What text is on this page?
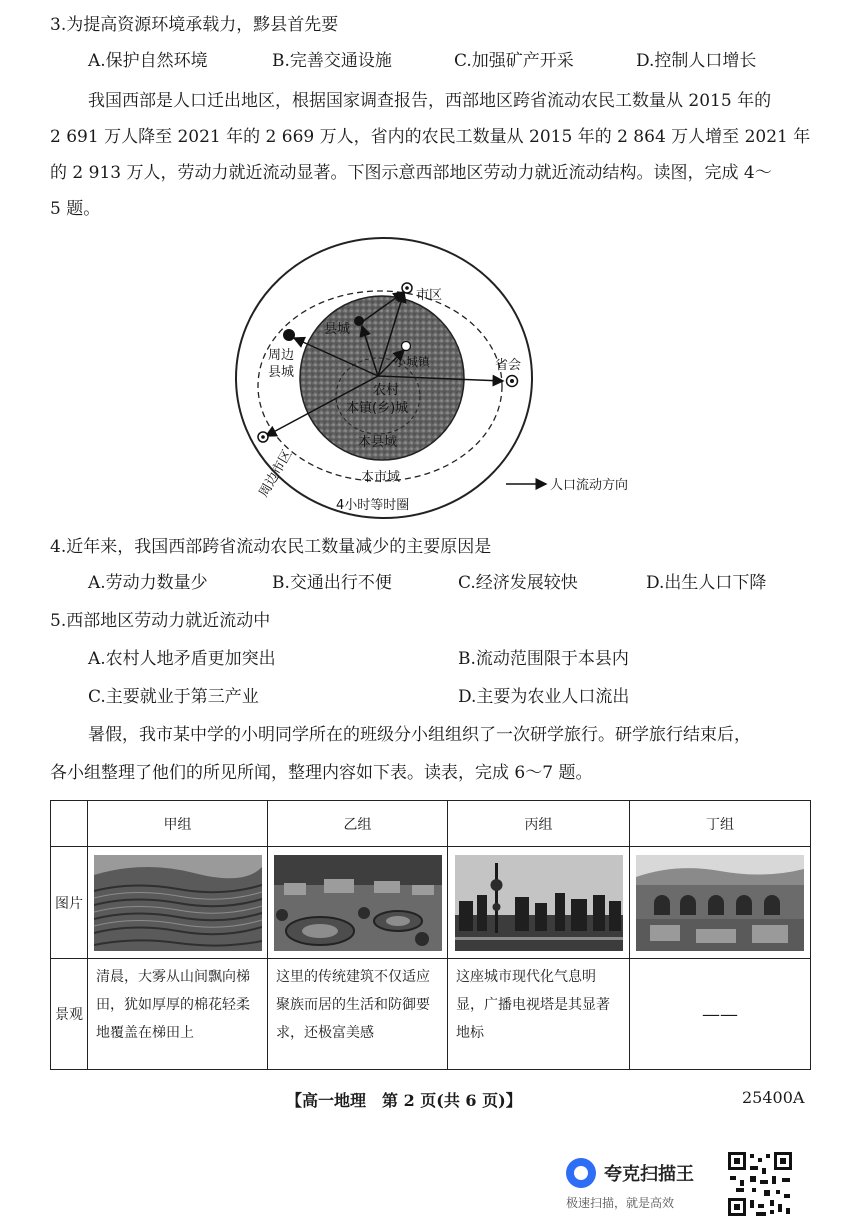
3.为提高资源环境承载力，黟县首先要
A.保护自然环境	B.完善交通设施	C.加强矿产开采	D.控制人口增长
我国西部是人口迁出地区，根据国家调查报告，西部地区跨省流动农民工数量从 2015 年的
2 691 万人降至 2021 年的 2 669 万人，省内的农民工数量从 2015 年的 2 864 万人增至 2021 年
的 2 913 万人，劳动力就近流动显著。下图示意西部地区劳动力就近流动结构。读图，完成 4～
5 题。
市区
县城
小城镇	省会
农村
本镇(乡)城
本县域
本市域
4小时等时圈
周边市区
周边
县城
人口流动方向
4.近年来，我国西部跨省流动农民工数量减少的主要原因是
A.劳动力数量少	B.交通出行不便	C.经济发展较快	D.出生人口下降
5.西部地区劳动力就近流动中
A.农村人地矛盾更加突出	B.流动范围限于本县内
C.主要就业于第三产业	D.主要为农业人口流出
暑假，我市某中学的小明同学所在的班级分小组组织了一次研学旅行。研学旅行结束后，
各小组整理了他们的所见所闻，整理内容如下表。读表，完成 6～7 题。
	甲组	乙组	丙组	丁组
图片	

景观	清晨，大雾从山间飘向梯田，犹如厚厚的棉花轻柔地覆盖在梯田上	这里的传统建筑不仅适应聚族而居的生活和防御要求，还极富美感	这座城市现代化气息明显，广播电视塔是其显著地标	——
【高一地理　第 2 页(共 6 页)】	25400A
夸克扫描王
极速扫描，就是高效
